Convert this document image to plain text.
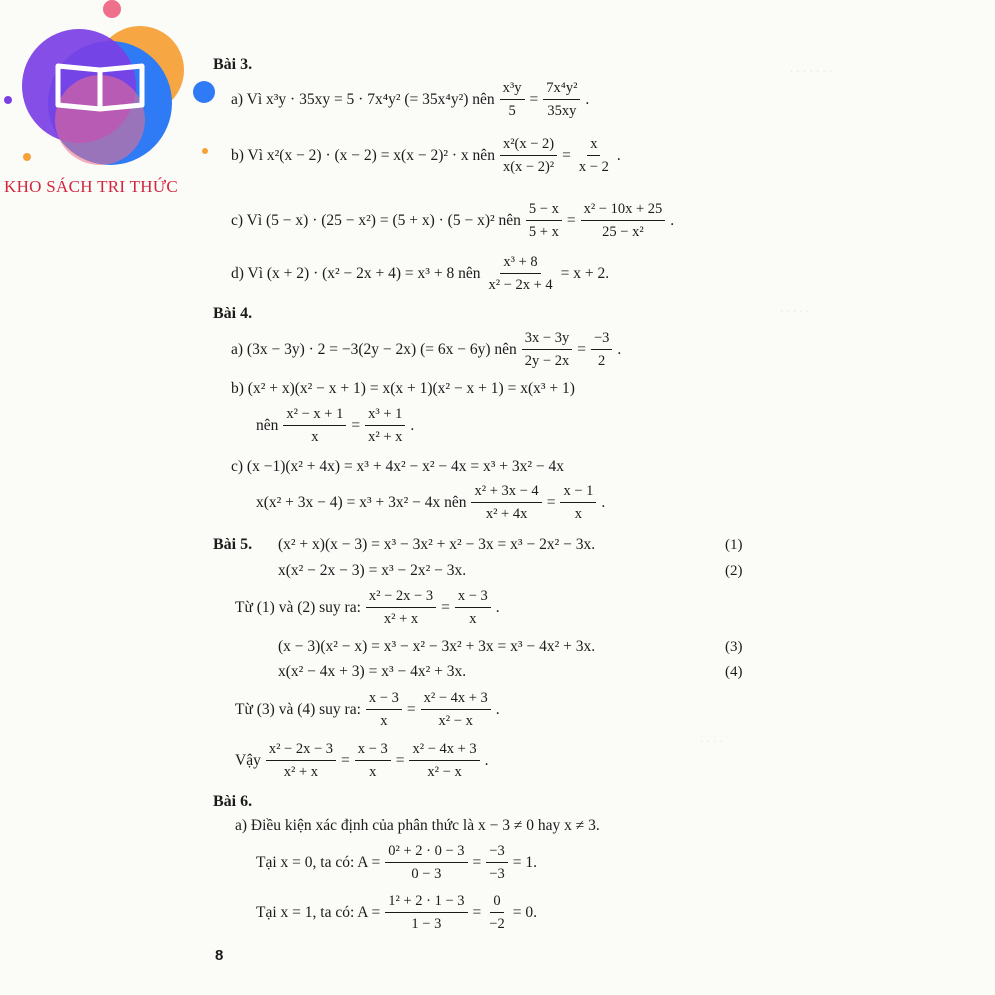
. . . . . . .
. . . . .
. . . .
KHO SÁCH TRI THỨC
Bài 3.
a) Vì x³y · 35xy = 5 · 7x⁴y² (= 35x⁴y²) nên $\frac{\text{x³y}}{5} = \frac{\text{7x⁴y²}}{35xy}$ .
b) Vì x²(x − 2) · (x − 2) = x(x − 2)² · x nên $\frac{\text{x²(x − 2)}}{\text{x(x − 2)²}} = \frac{x}{x - 2}$ .
c) Vì (5 − x) · (25 − x²) = (5 + x) · (5 − x)² nên $\frac{5 - x}{5 + x} = \frac{\text{x² − 10x + 25}}{\text{25 − x²}}$ .
d) Vì (x + 2) · (x² − 2x + 4) = x³ + 8 nên $\frac{\text{x³ + 8}}{\text{x² − 2x + 4}} = x + 2$.
Bài 4.
a) (3x − 3y) · 2 = −3(2y − 2x) (= 6x − 6y) nên $\frac{3x - 3y}{2y - 2x} = \frac{-3}{2}$ .
b) (x² + x)(x² − x + 1) = x(x + 1)(x² − x + 1) = x(x³ + 1)
nên $\frac{\text{x² − x + 1}}{x} = \frac{\text{x³ + 1}}{\text{x² + x}}$ .
c) (x −1)(x² + 4x) = x³ + 4x² − x² − 4x = x³ + 3x² − 4x
x(x² + 3x − 4) = x³ + 3x² − 4x nên $\frac{\text{x² + 3x − 4}}{\text{x² + 4x}} = \frac{x - 1}{x}$ .
Bài 5. (x² + x)(x − 3) = x³ − 3x² + x² − 3x = x³ − 2x² − 3x.	(1)
x(x² − 2x − 3) = x³ − 2x² − 3x.	(2)
Từ (1) và (2) suy ra: $\frac{\text{x² − 2x − 3}}{\text{x² + x}} = \frac{x - 3}{x}$ .
(x − 3)(x² − x) = x³ − x² − 3x² + 3x = x³ − 4x² + 3x.	(3)
x(x² − 4x + 3) = x³ − 4x² + 3x.	(4)
Từ (3) và (4) suy ra: $\frac{x - 3}{x} = \frac{\text{x² − 4x + 3}}{\text{x² − x}}$ .
Vậy $\frac{\text{x² − 2x − 3}}{\text{x² + x}} = \frac{x - 3}{x} = \frac{\text{x² − 4x + 3}}{\text{x² − x}}$ .
Bài 6.
a) Điều kiện xác định của phân thức là x − 3 ≠ 0 hay x ≠ 3.
Tại x = 0, ta có: $A = \frac{\text{0² + 2 · 0 − 3}}{0 - 3} = \frac{-3}{-3} = 1$.
Tại x = 1, ta có: $A = \frac{\text{1² + 2 · 1 − 3}}{1 - 3} = \frac{0}{-2} = 0$.
8
